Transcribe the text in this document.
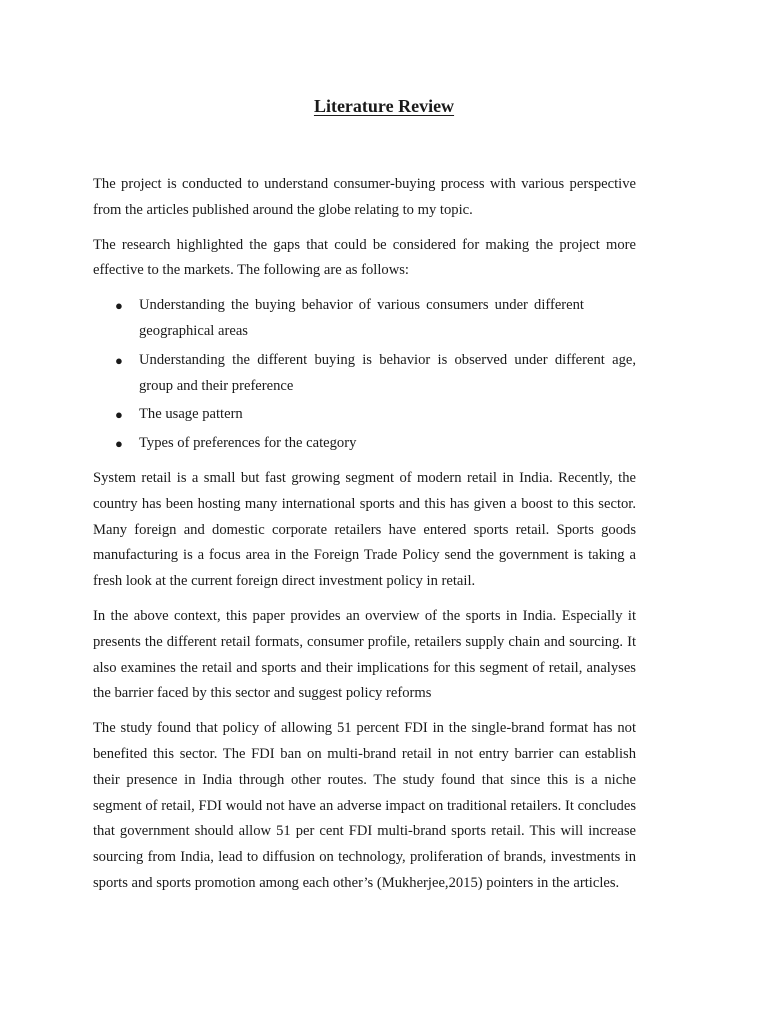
Literature Review

The project is conducted to understand consumer-buying process with various perspective from the articles published around the globe relating to my topic.

The research highlighted the gaps that could be considered for making the project more effective to the markets. The following are as follows:

● Understanding the buying behavior of various consumers under different geographical areas
● Understanding the different buying is behavior is observed under different age, group and their preference
● The usage pattern
● Types of preferences for the category

System retail is a small but fast growing segment of modern retail in India. Recently, the country has been hosting many international sports and this has given a boost to this sector. Many foreign and domestic corporate retailers have entered sports retail. Sports goods manufacturing is a focus area in the Foreign Trade Policy send the government is taking a fresh look at the current foreign direct investment policy in retail.

In the above context, this paper provides an overview of the sports in India. Especially it presents the different retail formats, consumer profile, retailers supply chain and sourcing. It also examines the retail and sports and their implications for this segment of retail, analyses the barrier faced by this sector and suggest policy reforms

The study found that policy of allowing 51 percent FDI in the single-brand format has not benefited this sector. The FDI ban on multi-brand retail in not entry barrier can establish their presence in India through other routes. The study found that since this is a niche segment of retail, FDI would not have an adverse impact on traditional retailers. It concludes that government should allow 51 per cent FDI multi-brand sports retail. This will increase sourcing from India, lead to diffusion on technology, proliferation of brands, investments in sports and sports promotion among each other’s (Mukherjee,2015) pointers in the articles.
